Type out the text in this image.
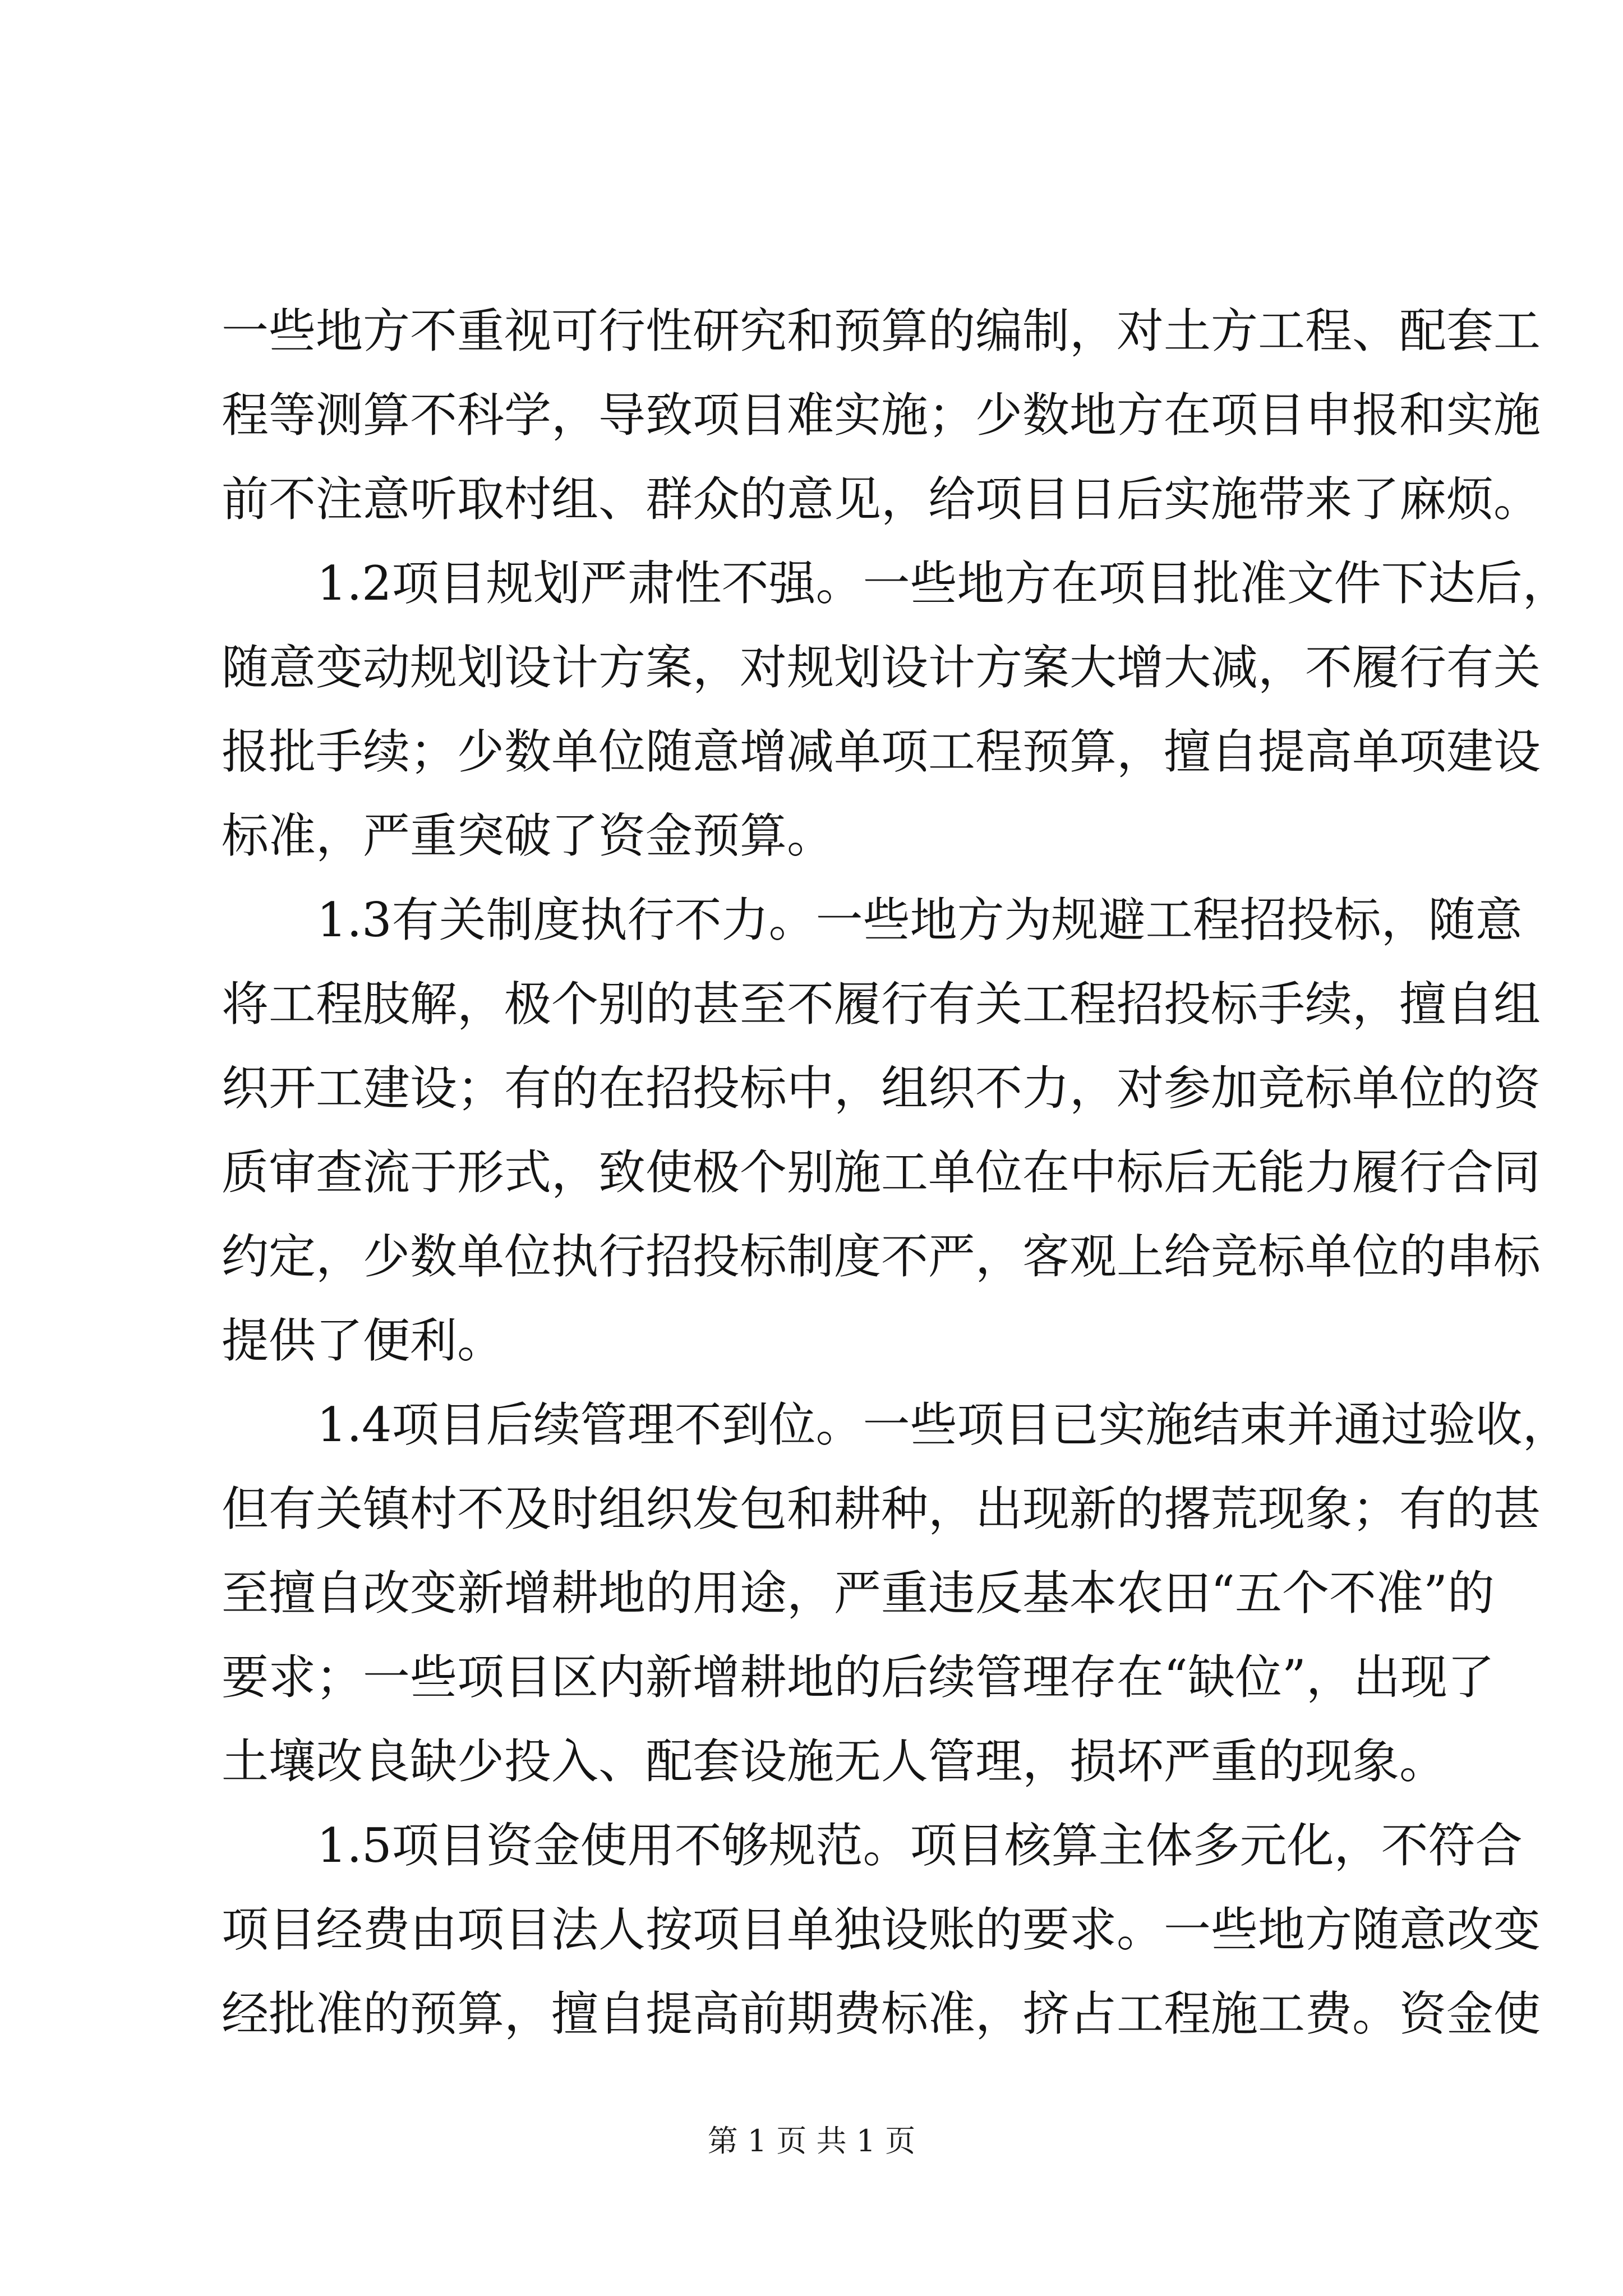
一些地方不重视可行性研究和预算的编制，对土方工程、配套工
程等测算不科学，导致项目难实施；少数地方在项目申报和实施
前不注意听取村组、群众的意见，给项目日后实施带来了麻烦。
1.2项目规划严肃性不强。一些地方在项目批准文件下达后，
随意变动规划设计方案，对规划设计方案大增大减，不履行有关
报批手续；少数单位随意增减单项工程预算，擅自提高单项建设
标准，严重突破了资金预算。
1.3有关制度执行不力。一些地方为规避工程招投标，随意
将工程肢解，极个别的甚至不履行有关工程招投标手续，擅自组
织开工建设；有的在招投标中，组织不力，对参加竞标单位的资
质审查流于形式，致使极个别施工单位在中标后无能力履行合同
约定，少数单位执行招投标制度不严，客观上给竞标单位的串标
提供了便利。
1.4项目后续管理不到位。一些项目已实施结束并通过验收，
但有关镇村不及时组织发包和耕种，出现新的撂荒现象；有的甚
至擅自改变新增耕地的用途，严重违反基本农田“五个不准”的
要求；一些项目区内新增耕地的后续管理存在“缺位”，出现了
土壤改良缺少投入、配套设施无人管理，损坏严重的现象。
1.5项目资金使用不够规范。项目核算主体多元化，不符合
项目经费由项目法人按项目单独设账的要求。一些地方随意改变
经批准的预算，擅自提高前期费标准，挤占工程施工费。资金使
第 1 页 共 1 页
